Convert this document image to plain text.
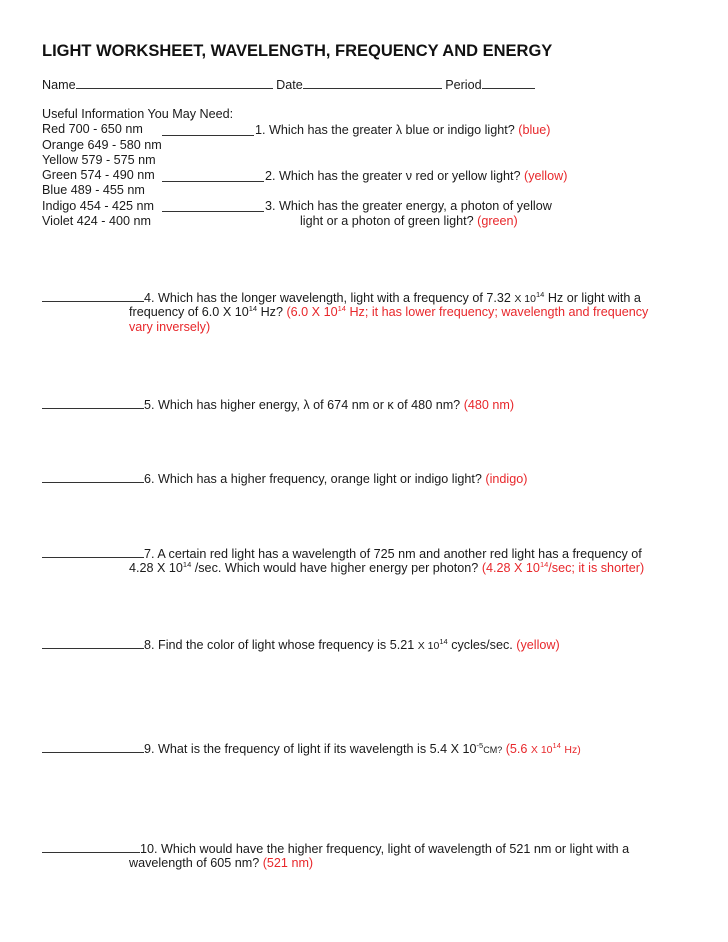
LIGHT WORKSHEET, WAVELENGTH, FREQUENCY AND ENERGY
Name	Date	Period
Useful Information You May Need:
Red 700 - 650 nm
Orange 649 - 580 nm
Yellow 579 - 575 nm
Green 574 - 490 nm
Blue 489 - 455 nm
Indigo 454 - 425 nm
Violet 424 - 400 nm
1. Which has the greater λ blue or indigo light? (blue)
2. Which has the greater ν red or yellow light? (yellow)
3. Which has the greater energy, a photon of yellow
light or a photon of green light? (green)
4. Which has the longer wavelength, light with a frequency of 7.32 X $10^{14}$ Hz or light with a
frequency of 6.0 X $10^{14}$ Hz? (6.0 X $10^{14}$ Hz; it has lower frequency; wavelength and frequency
vary inversely)
5. Which has higher energy, λ of 674 nm or κ of 480 nm? (480 nm)
6. Which has a higher frequency, orange light or indigo light? (indigo)
7. A certain red light has a wavelength of 725 nm and another red light has a frequency of
4.28 X $10^{14}$ /sec. Which would have higher energy per photon? (4.28 X $10^{14}/\sec$; it is shorter)
8. Find the color of light whose frequency is 5.21 X $10^{14}$ cycles/sec. (yellow)
9. What is the frequency of light if its wavelength is 5.4 X $10^{-5}CM$? (5.6 X $10^{14}$ Hz)
10. Which would have the higher frequency, light of wavelength of 521 nm or light with a
wavelength of 605 nm? (521 nm)
